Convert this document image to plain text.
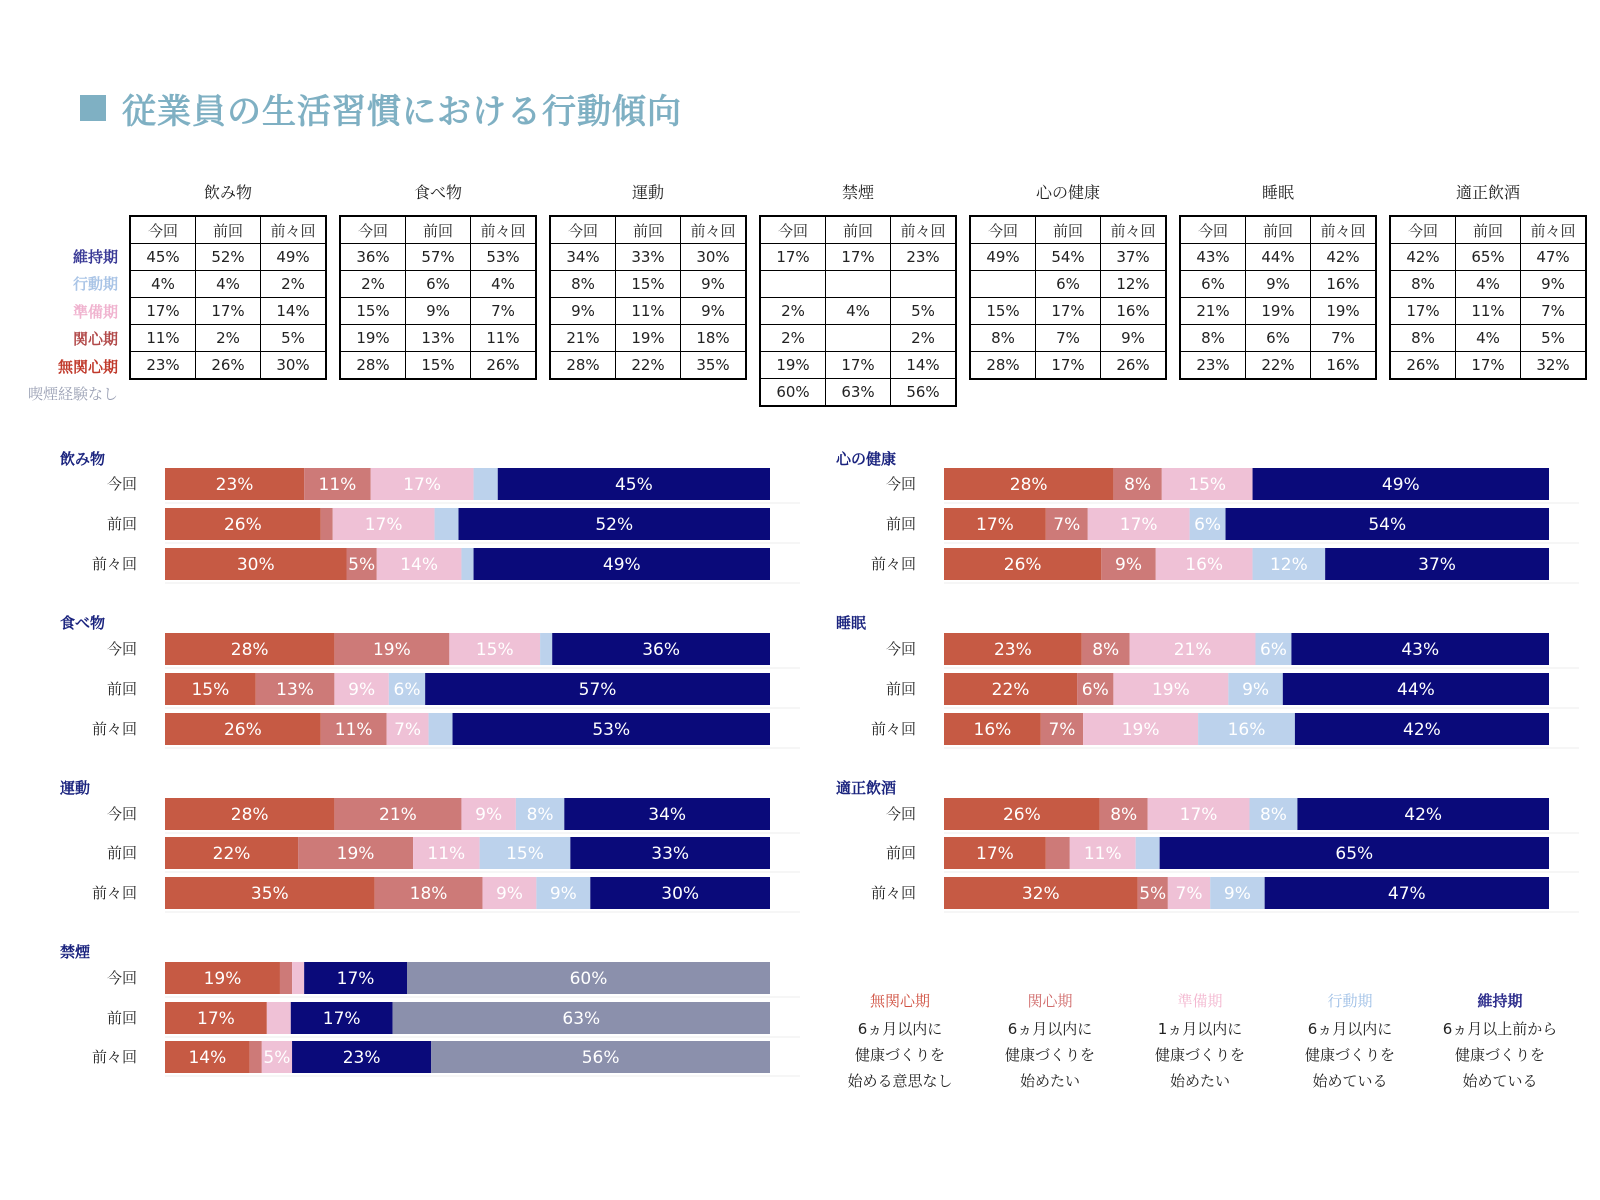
従業員の生活習慣における行動傾向
維持期
行動期
準備期
関心期
無関心期
喫煙経験なし
飲み物
今回	前回	前々回
45%	52%	49%
4%	4%	2%
17%	17%	14%
11%	2%	5%
23%	26%	30%
食べ物
今回	前回	前々回
36%	57%	53%
2%	6%	4%
15%	9%	7%
19%	13%	11%
28%	15%	26%
運動
今回	前回	前々回
34%	33%	30%
8%	15%	9%
9%	11%	9%
21%	19%	18%
28%	22%	35%
禁煙
今回	前回	前々回
17%	17%	23%

2%	4%	5%
2%		2%
19%	17%	14%
60%	63%	56%
心の健康
今回	前回	前々回
49%	54%	37%
	6%	12%
15%	17%	16%
8%	7%	9%
28%	17%	26%
睡眠
今回	前回	前々回
43%	44%	42%
6%	9%	16%
21%	19%	19%
8%	6%	7%
23%	22%	16%
適正飲酒
今回	前回	前々回
42%	65%	47%
8%	4%	9%
17%	11%	7%
8%	4%	5%
26%	17%	32%
飲み物
今回	23%	11%	17%	45%
前回	26%	17%	52%
前々回	30%	5% 14%	49%
食べ物
今回	28%	19%	15%	36%
前回	15%	13% 9% 6%	57%
前々回	26%	11% 7%	53%
運動
今回	28%	21%	9% 8%	34%
前回	22%	19%	11% 15%	33%
前々回	35%	18%	9% 9%	30%
禁煙
今回	19%	17%	60%
前回	17%	17%	63%
前々回	14% 5%	23%	56%
心の健康
今回	28%	8% 15%	49%
前回	17% 7% 17% 6%	54%
前々回	26%	9%	16%	12%	37%
睡眠
今回	23%	8%	21%	6%	43%
前回	22%	6%	19%	9%	44%
前々回	16% 7%	19%	16%	42%
適正飲酒
今回	26%	8% 17% 8%	42%
前回	17%	11%	65%
前々回	32%	5% 7% 9%	47%
無関心期
6ヵ月以内に
健康づくりを
始める意思なし
関心期
6ヵ月以内に
健康づくりを
始めたい
準備期
1ヵ月以内に
健康づくりを
始めたい
行動期
6ヵ月以内に
健康づくりを
始めている
維持期
6ヵ月以上前から
健康づくりを
始めている
